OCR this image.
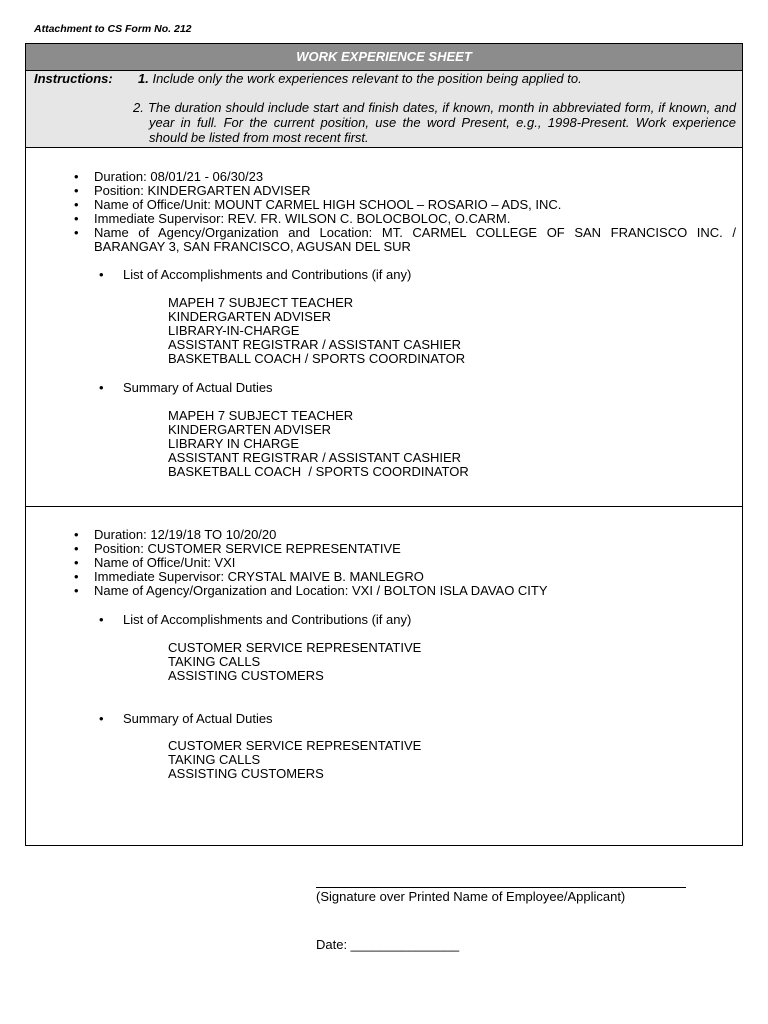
Attachment to CS Form No. 212
WORK EXPERIENCE SHEET
Instructions: 1. Include only the work experiences relevant to the position being applied to.
2. The duration should include start and finish dates, if known, month in abbreviated form, if known, and year in full. For the current position, use the word Present, e.g., 1998-Present. Work experience should be listed from most recent first.
• Duration: 08/01/21 - 06/30/23
• Position: KINDERGARTEN ADVISER
• Name of Office/Unit: MOUNT CARMEL HIGH SCHOOL – ROSARIO – ADS, INC.
• Immediate Supervisor: REV. FR. WILSON C. BOLOCBOLOC, O.CARM.
• Name of Agency/Organization and Location: MT. CARMEL COLLEGE OF SAN FRANCISCO INC. / BARANGAY 3, SAN FRANCISCO, AGUSAN DEL SUR
• List of Accomplishments and Contributions (if any)
MAPEH 7 SUBJECT TEACHER
KINDERGARTEN ADVISER
LIBRARY-IN-CHARGE
ASSISTANT REGISTRAR / ASSISTANT CASHIER
BASKETBALL COACH / SPORTS COORDINATOR
• Summary of Actual Duties
MAPEH 7 SUBJECT TEACHER
KINDERGARTEN ADVISER
LIBRARY IN CHARGE
ASSISTANT REGISTRAR / ASSISTANT CASHIER
BASKETBALL COACH  / SPORTS COORDINATOR
• Duration: 12/19/18 TO 10/20/20
• Position: CUSTOMER SERVICE REPRESENTATIVE
• Name of Office/Unit: VXI
• Immediate Supervisor: CRYSTAL MAIVE B. MANLEGRO
• Name of Agency/Organization and Location: VXI / BOLTON ISLA DAVAO CITY
• List of Accomplishments and Contributions (if any)
CUSTOMER SERVICE REPRESENTATIVE
TAKING CALLS
ASSISTING CUSTOMERS
• Summary of Actual Duties
CUSTOMER SERVICE REPRESENTATIVE
TAKING CALLS
ASSISTING CUSTOMERS
(Signature over Printed Name of Employee/Applicant)
Date: _______________
